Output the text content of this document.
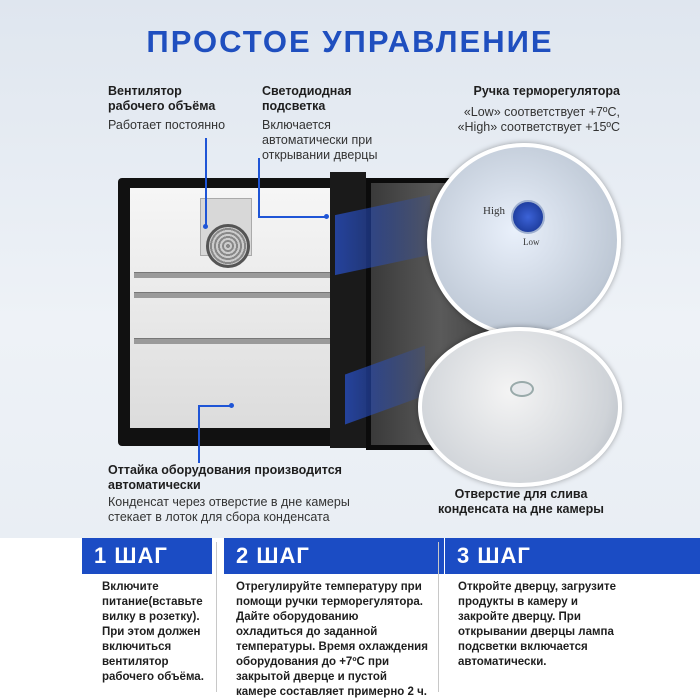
ПРОСТОЕ УПРАВЛЕНИЕ
Вентилятор рабочего объёма
Работает постоянно
Светодиодная подсветка
Включается автоматически при открывании дверцы
Ручка терморегулятора
«Low» соответствует +7ºС,
«High» соответствует +15ºС
High
Low
Оттайка оборудования производится автоматически
Конденсат через отверстие в дне камеры стекает в лоток для сбора конденсата
Отверстие для слива конденсата на дне камеры
1 ШАГ	2 ШАГ	3 ШАГ
Включите питание(вставьте вилку в розетку). При этом должен включиться вентилятор рабочего объёма.
Отрегулируйте температуру при помощи ручки терморегулятора. Дайте оборудованию охладиться до заданной температуры. Время охлаждения оборудования до +7ºС при закрытой дверце и пустой камере составляет примерно 2 ч.
Откройте дверцу, загрузите продукты в камеру и закройте дверцу. При открывании дверцы лампа подсветки включается автоматически.
